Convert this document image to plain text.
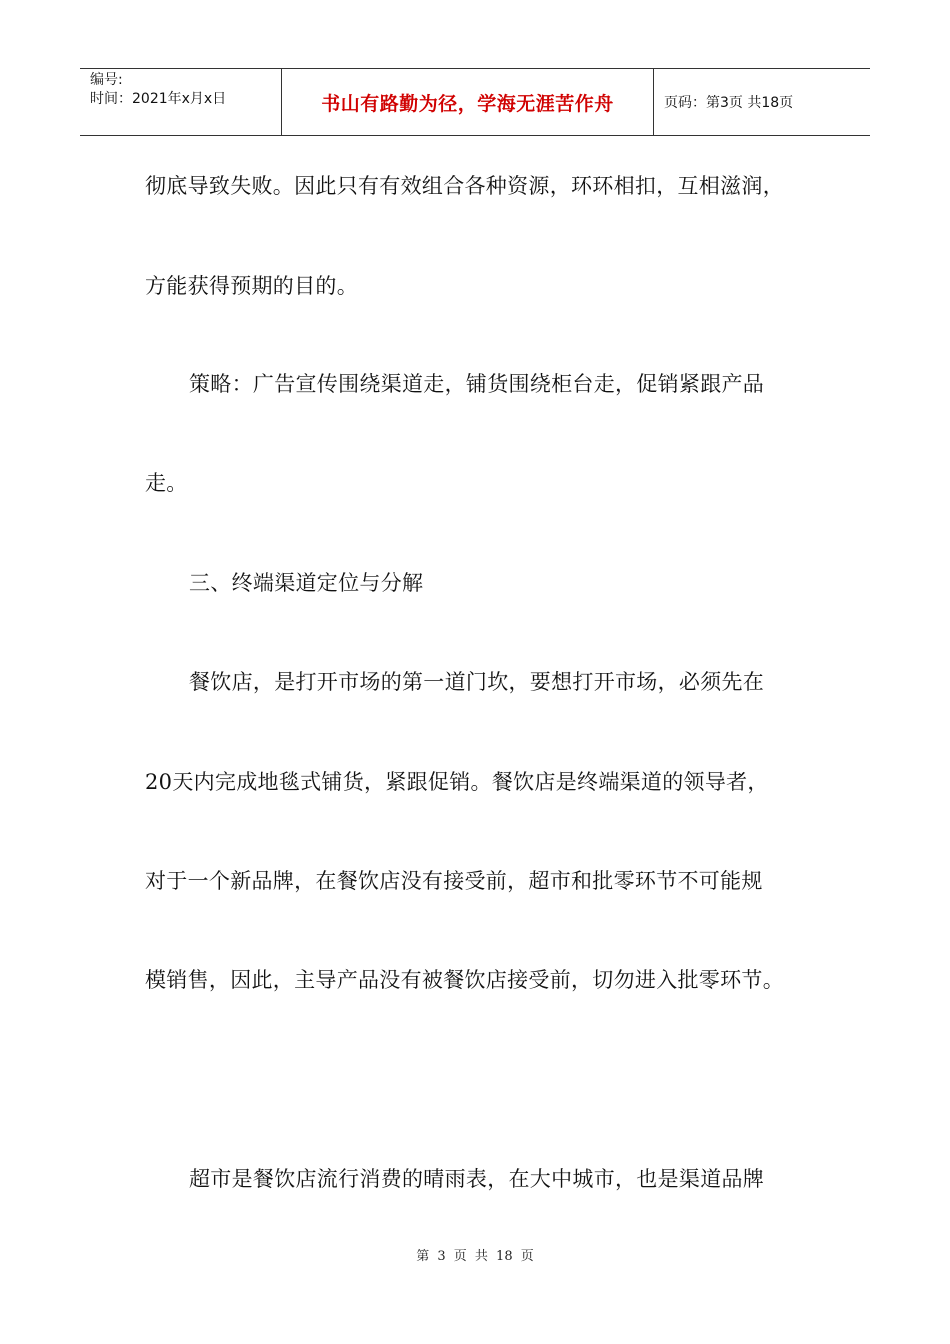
编号:
时间：2021年x月x日	书山有路勤为径，学海无涯苦作舟	页码：第3页 共18页
彻底导致失败。因此只有有效组合各种资源，环环相扣，互相滋润，
方能获得预期的目的。
策略：广告宣传围绕渠道走，铺货围绕柜台走，促销紧跟产品
走。
三、终端渠道定位与分解
餐饮店，是打开市场的第一道门坎，要想打开市场，必须先在
20天内完成地毯式铺货，紧跟促销。餐饮店是终端渠道的领导者，
对于一个新品牌，在餐饮店没有接受前，超市和批零环节不可能规
模销售，因此，主导产品没有被餐饮店接受前，切勿进入批零环节。
超市是餐饮店流行消费的晴雨表，在大中城市，也是渠道品牌
第 3 页 共 18 页
